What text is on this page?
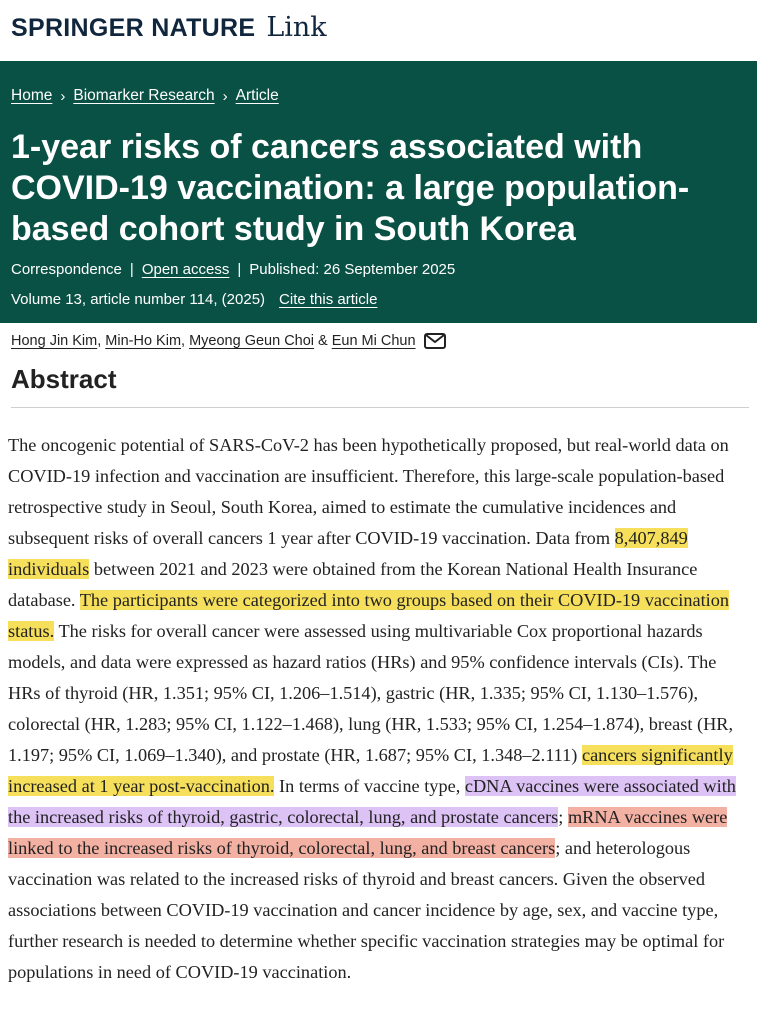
SPRINGER NATURE Link
Home › Biomarker Research › Article
1-year risks of cancers associated with COVID-19 vaccination: a large population-based cohort study in South Korea
Correspondence | Open access | Published: 26 September 2025
Volume 13, article number 114, (2025) Cite this article
Hong Jin Kim ,
Min-Ho Kim ,
Myeong Geun Choi & Eun Mi Chun
Abstract

The oncogenic potential of SARS-CoV-2 has been hypothetically proposed, but real-world data on COVID-19 infection and vaccination are insufficient. Therefore, this large-scale population-based retrospective study in Seoul, South Korea, aimed to estimate the cumulative incidences and subsequent risks of overall cancers 1 year after COVID-19 vaccination. Data from 8,407,849 individuals between 2021 and 2023 were obtained from the Korean National Health Insurance database. The participants were categorized into two groups based on their COVID-19 vaccination status. The risks for overall cancer were assessed using multivariable Cox proportional hazards models, and data were expressed as hazard ratios (HRs) and 95% confidence intervals (CIs). The HRs of thyroid (HR, 1.351; 95% CI, 1.206–1.514), gastric (HR, 1.335; 95% CI, 1.130–1.576), colorectal (HR, 1.283; 95% CI, 1.122–1.468), lung (HR, 1.533; 95% CI, 1.254–1.874), breast (HR, 1.197; 95% CI, 1.069–1.340), and prostate (HR, 1.687; 95% CI, 1.348–2.111) cancers significantly increased at 1 year post-vaccination. In terms of vaccine type, cDNA vaccines were associated with the increased risks of thyroid, gastric, colorectal, lung, and prostate cancers; mRNA vaccines were linked to the increased risks of thyroid, colorectal, lung, and breast cancers; and heterologous vaccination was related to the increased risks of thyroid and breast cancers. Given the observed associations between COVID-19 vaccination and cancer incidence by age, sex, and vaccine type, further research is needed to determine whether specific vaccination strategies may be optimal for populations in need of COVID-19 vaccination.
